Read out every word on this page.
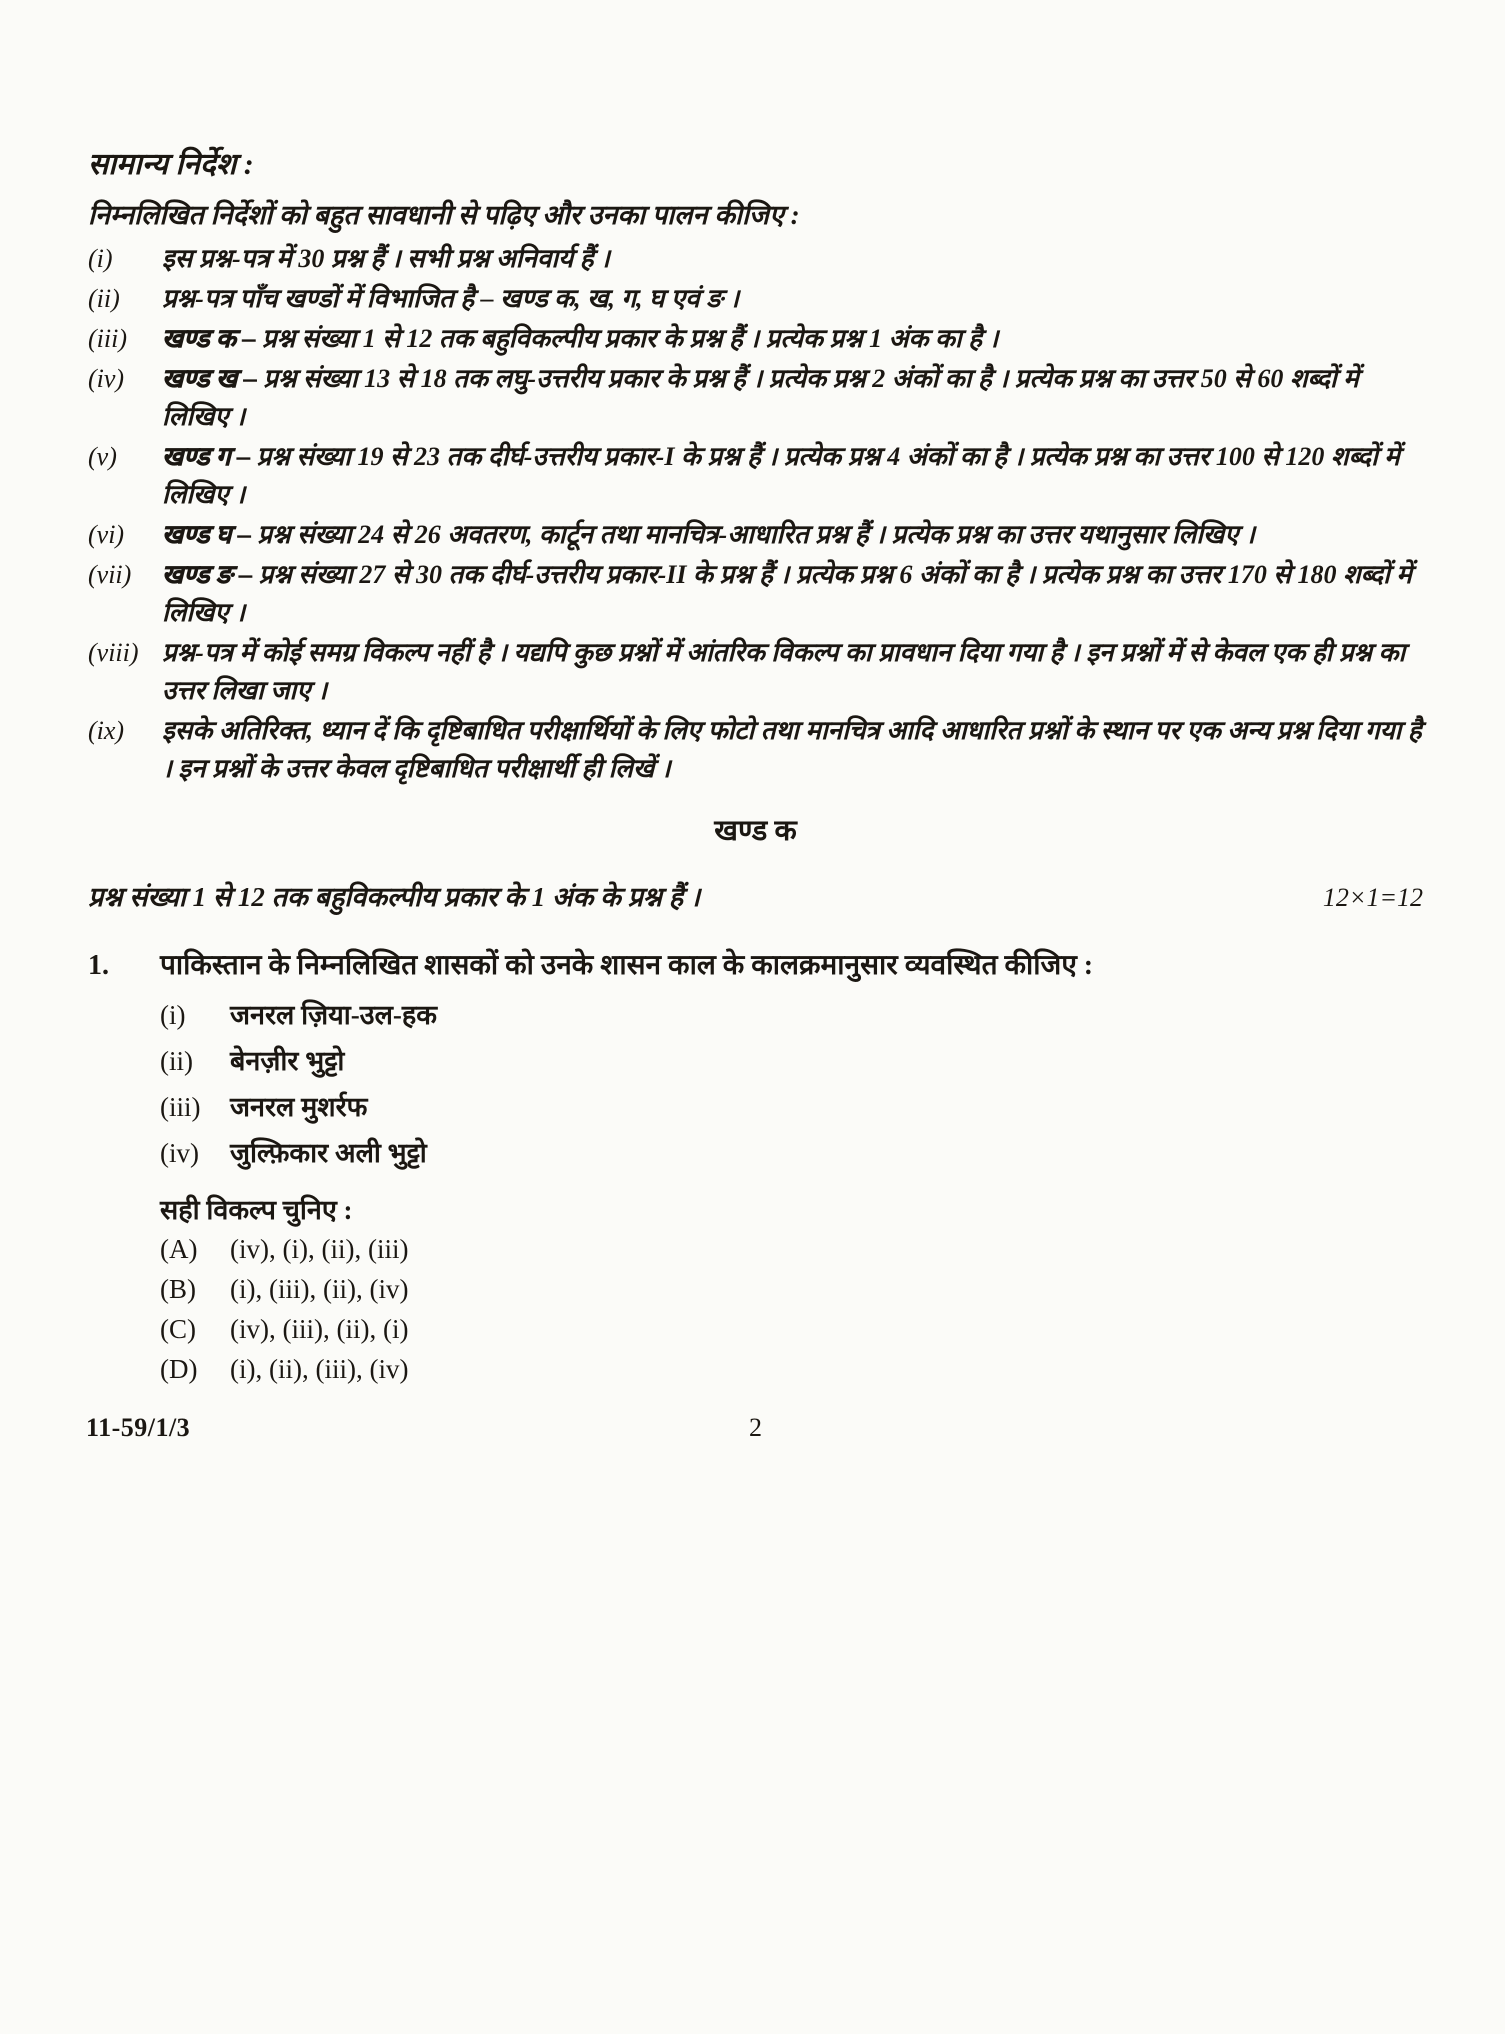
सामान्य निर्देश :

निम्नलिखित निर्देशों को बहुत सावधानी से पढ़िए और उनका पालन कीजिए :

(i)	इस प्रश्न-पत्र में 30 प्रश्न हैं । सभी प्रश्न अनिवार्य हैं ।

(ii)	प्रश्न-पत्र पाँच खण्डों में विभाजित है – खण्ड क, ख, ग, घ एवं ङ ।

(iii)	खण्ड क – प्रश्न संख्या 1 से 12 तक बहुविकल्पीय प्रकार के प्रश्न हैं । प्रत्येक प्रश्न 1 अंक का है ।

(iv)	खण्ड ख – प्रश्न संख्या 13 से 18 तक लघु-उत्तरीय प्रकार के प्रश्न हैं । प्रत्येक प्रश्न 2 अंकों का है । प्रत्येक प्रश्न का उत्तर 50 से 60 शब्दों में लिखिए ।

(v)	खण्ड ग – प्रश्न संख्या 19 से 23 तक दीर्घ-उत्तरीय प्रकार-I के प्रश्न हैं । प्रत्येक प्रश्न 4 अंकों का है । प्रत्येक प्रश्न का उत्तर 100 से 120 शब्दों में लिखिए ।

(vi)	खण्ड घ – प्रश्न संख्या 24 से 26 अवतरण, कार्टून तथा मानचित्र-आधारित प्रश्न हैं । प्रत्येक प्रश्न का उत्तर यथानुसार लिखिए ।

(vii)	खण्ड ङ – प्रश्न संख्या 27 से 30 तक दीर्घ-उत्तरीय प्रकार-II के प्रश्न हैं । प्रत्येक प्रश्न 6 अंकों का है । प्रत्येक प्रश्न का उत्तर 170 से 180 शब्दों में लिखिए ।

(viii) प्रश्न-पत्र में कोई समग्र विकल्प नहीं है । यद्यपि कुछ प्रश्नों में आंतरिक विकल्प का प्रावधान दिया गया है । इन प्रश्नों में से केवल एक ही प्रश्न का उत्तर लिखा जाए ।

(ix)	इसके अतिरिक्त, ध्यान दें कि दृष्टिबाधित परीक्षार्थियों के लिए फोटो तथा मानचित्र आदि आधारित प्रश्नों के स्थान पर एक अन्य प्रश्न दिया गया है । इन प्रश्नों के उत्तर केवल दृष्टिबाधित परीक्षार्थी ही लिखें ।

खण्ड क

प्रश्न संख्या 1 से 12 तक बहुविकल्पीय प्रकार के 1 अंक के प्रश्न हैं ।	12×1=12
1.	पाकिस्तान के निम्नलिखित शासकों को उनके शासन काल के कालक्रमानुसार व्यवस्थित कीजिए :

(i)	जनरल ज़िया-उल-हक

(ii)	बेनज़ीर भुट्टो

(iii)	जनरल मुशर्रफ

(iv)	जुल्फ़िकार अली भुट्टो

सही विकल्प चुनिए :

(A)	(iv), (i), (ii), (iii)

(B)	(i), (iii), (ii), (iv)

(C)	(iv), (iii), (ii), (i)

(D)	(i), (ii), (iii), (iv)

11-59/1/3	2
